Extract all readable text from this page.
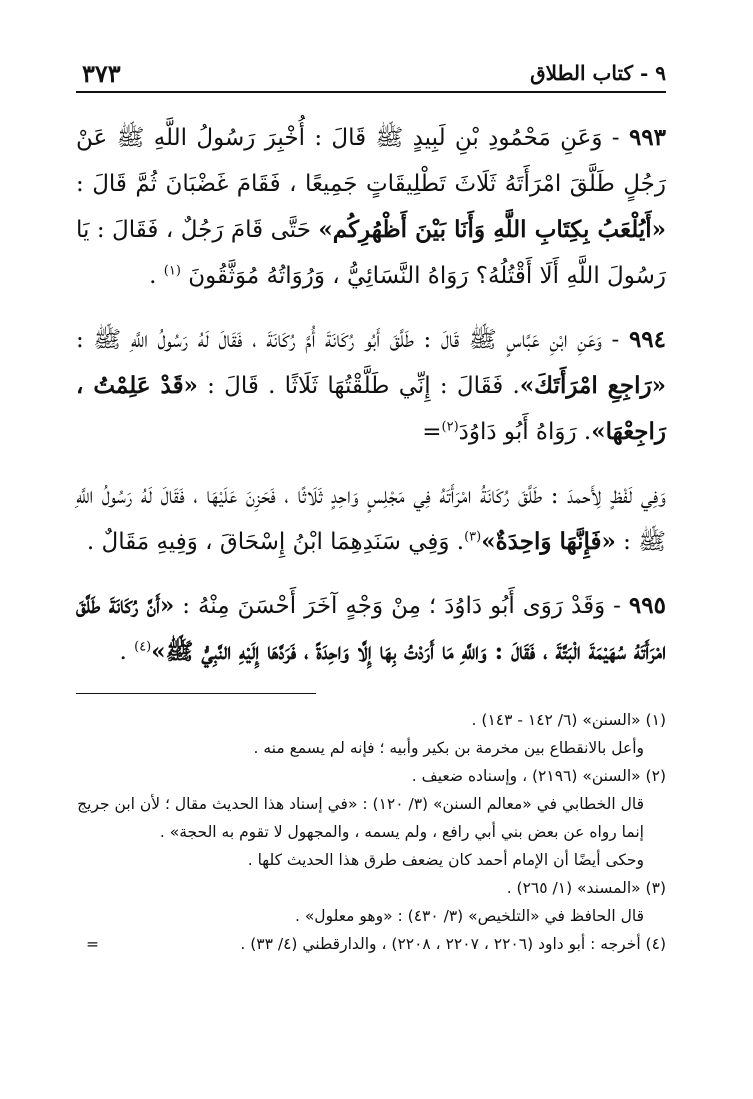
٩ - كتاب الطلاق
٣٧٣

٩٩٣ - وَعَنِ مَحْمُودِ بْنِ لَبِيدٍ ﷺ قَالَ : أُخْبِرَ رَسُولُ اللَّهِ ﷺ عَنْ رَجُلٍ طَلَّقَ امْرَأَتَهُ ثَلَاثَ تَطْلِيقَاتٍ جَمِيعًا ، فَقَامَ غَضْبَانَ ثُمَّ قَالَ : «أَيُلْعَبُ بِكِتَابِ اللَّهِ وَأَنَا بَيْنَ أَظْهُرِكُم» حَتَّى قَامَ رَجُلٌ ، فَقَالَ : يَا رَسُولَ اللَّهِ أَلَا أَقْتُلُهُ؟ رَوَاهُ النَّسَائِيُّ ، وَرُوَاتُهُ مُوَثَّقُونَ $^{(١)}$ .

٩٩٤ - وَعَنِ ابْنِ عَبَّاسٍ ﷺ قَالَ : طَلَّقَ أَبُو رُكَانَةَ أُمَّ رُكَانَةَ ، فَقَالَ لَهُ رَسُولُ اللَّهِ ﷺ : «رَاجِعِ امْرَأَتَكَ». فَقَالَ : إِنِّي طَلَّقْتُهَا ثَلَاثًا . قَالَ : «قَدْ عَلِمْتُ ، رَاجِعْهَا». رَوَاهُ أَبُو دَاوُدَ$^{(٢)}$=

وَفِي لَفْظٍ لِأَحمدَ : طَلَّقَ رُكَانَةُ امْرَأَتَهُ فِي مَجْلِسٍ وَاحِدٍ ثَلَاثًا ، فَحَزِنَ عَلَيْهَا ، فَقَالَ لَهُ رَسُولُ اللَّهِ ﷺ : «فَإِنَّهَا وَاحِدَةٌ»$^{(٣)}$. وَفِي سَنَدِهِمَا ابْنُ إِسْحَاقَ ، وَفِيهِ مَقَالٌ .

٩٩٥ - وَقَدْ رَوَى أَبُو دَاوُدَ ؛ مِنْ وَجْهٍ آخَرَ أَحْسَنَ مِنْهُ : «أَنَّ رُكَانَةَ طَلَّقَ امْرَأَتَهُ سُهَيْمَةَ الْبَتَّةَ ، فَقَالَ : وَاللَّهِ مَا أَرَدْتُ بِهَا إِلَّا وَاحِدَةً ، فَرَدَّهَا إِلَيْهِ النَّبِيُّ ﷺ»$^{(٤)}$ .

(١) «السنن» (٦/ ١٤٢ - ١٤٣) .

وأعل بالانقطاع بين مخرمة بن بكير وأبيه ؛ فإنه لم يسمع منه .

(٢) «السنن» (٢١٩٦) ، وإسناده ضعيف .

قال الخطابي في «معالم السنن» (٣/ ١٢٠) : «في إسناد هذا الحديث مقال ؛ لأن ابن جريج إنما رواه عن بعض بني أبي رافع ، ولم يسمه ، والمجهول لا تقوم به الحجة» .

وحكى أيضًا أن الإمام أحمد كان يضعف طرق هذا الحديث كلها .

(٣) «المسند» (١/ ٢٦٥) .

قال الحافظ في «التلخيص» (٣/ ٤٣٠) : «وهو معلول» .

(٤) أخرجه : أبو داود (٢٢٠٦ ، ٢٢٠٧ ، ٢٢٠٨) ، والدارقطني (٤/ ٣٣) .
=
